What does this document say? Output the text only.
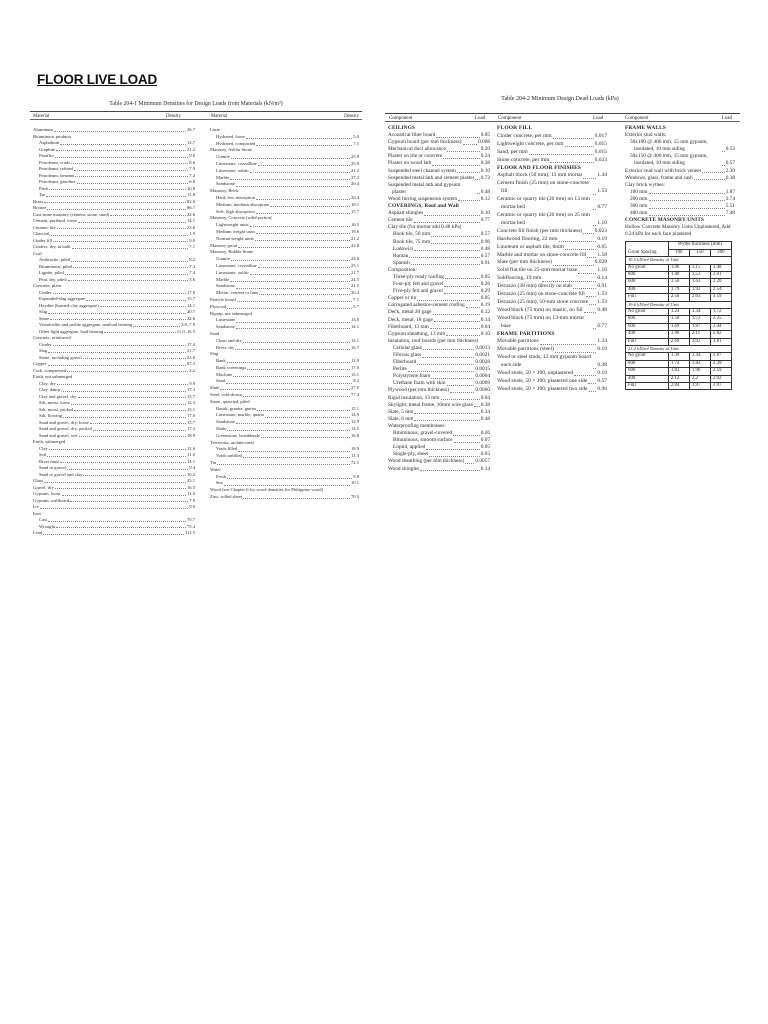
FLOOR LIVE LOAD
Table 204-1 Minimum Densities for Design Loads from Materials (kN/m³)
Material	Density	Material	Density
Aluminum	26.7
Bituminous products
Asphaltum	12.7
Graphite	21.2
Paraffin	9.0
Petroleum, crude	8.6
Petroleum, refined	7.9
Petroleum, benzine	7.2
Petroleum, gasoline	6.6
Pitch	10.8
Tar	11.8
Brass	82.6
Bronze	86.7
Cast stone masonry (cement, stone, sand)	22.6
Cement, portland, loose	14.1
Ceramic tile	23.6
Charcoal	1.9
Cinder fill	9.0
Cinders, dry, in bulk	7.1
Coal
Anthracite, piled	8.2
Bituminous, piled	7.4
Lignite, piled	7.4
Peat, dry, piled	3.6
Concrete, plain
Cinder	17.0
Expanded-slag aggregate	15.7
Haydite (burned-clay aggregate)	14.1
Slag	20.7
Stone	22.6
Vermiculite and perlite aggregate, nonload bearing	3.9–7.9
Other light aggregate, load bearing	11.0–16.5
Concrete, reinforced
Cinder	17.4
Slag	21.7
Stone, including gravel	23.6
Copper	87.3
Cork, compressed	2.2
Earth, not submerged
Clay, dry	9.9
Clay, damp	17.3
Clay and gravel, dry	15.7
Silt, moist, loose	12.3
Silt, moist, packed	15.1
Silt, flowing	17.0
Sand and gravel, dry, loose	15.7
Sand and gravel, dry, packed	17.3
Sand and gravel, wet	18.9
Earth, submerged
Clay	12.6
Soil	11.0
River mud	14.1
Sand or gravel	9.4
Sand or gravel and clay	10.2
Glass	25.1
Gravel, dry	16.3
Gypsum, loose	11.0
Gypsum, wallboard	7.9
Ice	9.0
Iron
Cast	70.7
Wrought	75.4
Lead	111.5
Lime
Hydrated, loose	5.0
Hydrated, compacted	7.1
Masonry, Ashlar Stone
Granite	25.9
Limestone, crystalline	25.9
Limestone, oolitic	21.2
Marble	27.2
Sandstone	20.4
Masonry, Brick
Hard, low absorption	20.4
Medium, medium absorption	18.1
Soft, high absorption	15.7
Masonry, Concrete (solid portion)
Lightweight units	16.5
Medium weight units	19.6
Normal weight units	21.2
Masonry grout	22.0
Masonry, Rubble Stone
Granite	24.0
Limestone, crystalline	23.1
Limestone, oolitic	21.7
Marble	24.5
Sandstone	21.5
Mortar, cement or lime	20.4
Particle board	7.1
Plywood	5.7
Riprap, not submerged
Limestone	13.0
Sandstone	14.1
Sand
Clean and dry	14.1
River, dry	16.7
Slag
Bank	11.0
Bank screenings	17.0
Machine	15.1
Sand	8.2
Slate	27.0
Steel, cold-drawn	77.3
Stone, quarried, piled
Basalt, granite, gneiss	15.1
Limestone, marble, quartz	14.9
Sandstone	12.9
Shale	14.5
Greenstone, hornblende	16.8
Terracotta, architectural
Voids filled	18.9
Voids unfilled	11.3
Tin	72.1
Water
Fresh	9.8
Sea	10.1
Wood (see Chapter 6 for wood densities for Philippine wood)
Zinc, rolled sheet	70.5
Table 204-2 Minimum Design Dead Loads (kPa)
Component	Load	Component	Load	Component	Load
CEILINGS
Acoustical fiber board	0.05
Gypsum board (per mm thickness)	0.008
Mechanical duct allowance	0.20
Plaster on tile or concrete	0.24
Plaster on wood lath	0.38
Suspended steel channel system	0.10
Suspended metal lath and cement plaster 0.72
Suspended metal lath and gypsum plaster	0.48
Wood furring suspension system	0.12
COVERINGS, Roof and Wall
Asphalt shingles	0.10
Cement tile	0.77
Clay tile (for mortar add 0.48 kPa)
Book tile, 50 mm	0.57
Book tile, 75 mm	0.96
Ludowici	0.48
Roman	0.57
Spanish	0.91
Composition:
Three-ply ready roofing	0.05
Four-ply felt and gravel	0.26
Five-ply felt and gravel	0.29
Copper or tin	0.05
Corrugated asbestos-cement roofing	0.19
Deck, metal 20 gage	0.12
Deck, metal, 18 gage	0.14
Fiberboard, 13 mm	0.04
Gypsum sheathing, 13 mm	0.10
Insulation, roof boards (per mm thickness)
Cellular glass	0.0013
Fibrous glass	0.0021
Fiberboard	0.0028
Perlite	0.0015
Polystyrene foam	0.0004
Urethane foam with skin	0.0009
Plywood (per mm thickness)	0.0060
Rigid insulation, 13 mm	0.04
Skylight, metal frame, 10mm wire glass 0.38
Slate, 5 mm	0.34
Slate, 6 mm	0.48
Waterproofing membranes:
Bituminous, gravel-covered	0.26
Bituminous, smooth surface	0.07
Liquid, applied	0.05
Single-ply, sheet	0.03
Wood sheathing (per mm thickness) 0.0057
Wood shingles	0.14
FLOOR FILL
Cinder concrete, per mm	0.017
Lightweight concrete, per mm	0.015
Sand, per mm	0.015
Stone concrete, per mm	0.023
FLOOR AND FLOOR FINISHES
Asphalt block (50 mm), 13 mm mortar	1.44
Cement finish (25 mm) on stone-concrete fill	1.53
Ceramic or quarry tile (20 mm) on 13 mm mortar bed	0.77
Ceramic or quarry tile (20 mm) on 25 mm mortar bed	1.10
Concrete fill finish (per mm thickness) 0.023
Hardwood flooring, 22 mm	0.19
Linoleum or asphalt tile, 6mm	0.05
Marble and mortar on stone-concrete fill 1.58
Slate (per mm thickness)	0.028
Solid flat tile on 25-mm mortar base	1.10
Subflooring, 19 mm	0.14
Terrazzo (38 mm) directly on slab	0.91
Terrazzo (25 mm) on stone-concrete fill 1.53
Terrazzo (25 mm), 50-mm stone concrete 1.53
Wood block (75 mm) on mastic, no fill	0.48
Wood block (75 mm) on 13-mm mortar base	0.77
FRAME PARTITIONS
Movable partitions	1.24
Movable partitions (steel)	0.19
Wood or steel studs, 13 mm gypsum board each side	0.38
Wood studs, 50 × 100, unplastered	0.19
Wood studs, 50 × 100, plastered one side 0.57
Wood studs, 50 × 100, plastered two side 0.96
FRAME WALLS
Exterior stud walls:
50x100 @ 400 mm, 15 mm gypsum, insulated, 10 mm siding	0.53
50x150 @ 400 mm, 15 mm gypsum, insulated, 10 mm siding	0.57
Exterior stud wall with brick veneer	2.30
Windows, glass, frame and sash	0.38
Clay brick wythes:
100 mm	1.87
200 mm	3.74
300 mm	5.51
400 mm	7.48
CONCRETE MASONRY UNITS

Hollow Concrete Masonry Units Unplastered, Add 0.24 kPa for each face plastered

Grout Spacing	Wythe thickness (mm)		
	100	150	200
16.5 kN/m³ Density of Unit			
No grout	1.06	1.15	1.48
800	1.40	1.53	2.01
600	1.50	1.63	2.20
400	1.79	1.92	2.54
Full	2.50	2.63	3.59
19.6 kN/m³ Density of Unit			
No grout	1.24	1.34	1.72
800	1.50	1.72	2.25
600	1.69	1.87	2.44
400	1.96	2.11	2.82
Full	2.69	3.02	3.81
21.2 kN/m³ Density of Unit			
No grout	1.39	1.44	1.87
800	1.74	1.82	2.39
600	1.83	1.96	2.59
400	2.12	2.2	2.92
Full	2.84	3.97	3.97
